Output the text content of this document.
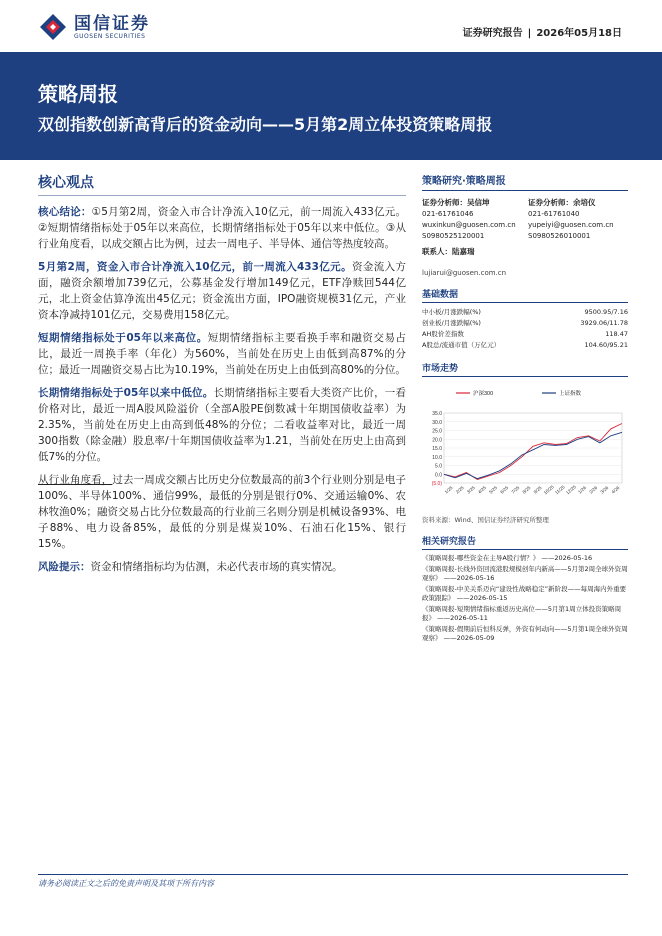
国信证券
GUOSEN SECURITIES	证券研究报告 | 2026年05月18日
策略周报
双创指数创新高背后的资金动向——5月第2周立体投资策略周报
核心观点

核心结论：①5月第2周，资金入市合计净流入10亿元，前一周流入433亿元。②短期情绪指标处于05年以来高位，长期情绪指标处于05年以来中低位。③从行业角度看，以成交额占比为例，过去一周电子、半导体、通信等热度较高。

5月第2周，资金入市合计净流入10亿元，前一周流入433亿元。资金流入方面，融资余额增加739亿元，公募基金发行增加149亿元，ETF净赎回544亿元，北上资金估算净流出45亿元；资金流出方面，IPO融资规模31亿元，产业资本净减持101亿元，交易费用158亿元。

短期情绪指标处于05年以来高位。短期情绪指标主要看换手率和融资交易占比，最近一周换手率（年化）为560%，当前处在历史上由低到高87%的分位；最近一周融资交易占比为10.19%，当前处在历史上由低到高80%的分位。

长期情绪指标处于05年以来中低位。长期情绪指标主要看大类资产比价，一看价格对比，最近一周A股风险溢价（全部A股PE倒数减十年期国债收益率）为2.35%，当前处在历史上由高到低48%的分位；二看收益率对比，最近一周300指数（除金融）股息率/十年期国债收益率为1.21，当前处在历史上由高到低7%的分位。

从行业角度看，过去一周成交额占比历史分位数最高的前3个行业则分别是电子100%、半导体100%、通信99%，最低的分别是银行0%、交通运输0%、农林牧渔0%；融资交易占比分位数最高的行业前三名则分别是机械设备93%、电子88%、电力设备85%，最低的分别是煤炭10%、石油石化15%、银行15%。

风险提示：资金和情绪指标均为估测，未必代表市场的真实情况。

策略研究·策略周报
证券分析师：吴信坤
021-61761046
wuxinkun@guosen.com.cn
S0980525120001
证券分析师：余培仪
021-61761040
yupeiyi@guosen.com.cn
S0980526010001
联系人：陆嘉瑞
lujiarui@guosen.com.cn
基础数据
中小板/月涨跌幅(%)	9500.95/7.16
创业板/月涨跌幅(%)	3929.06/11.78
AH股价差指数	118.47
A股总/流通市值（万亿元）	104.60/95.21
市场走势
35.0
30.0
25.0
20.0
15.0
10.0
5.0
0.0
(5.0)
1/25 2/25 3/25 4/25 5/25 6/25 7/25 8/25 9/25 10/25 11/25 12/25 1/26 2/26 3/26 4/26
沪深300	上证指数
资料来源：Wind、国信证券经济研究所整理
相关研究报告
《策略周报-哪些资金在主导A股行情？》 ——2026-05-16
《策略周报-长线外资回流港股规模创年内新高——5月第2周全球外资周观察》 ——2026-05-16
《策略周报-中美关系迈向“建设性战略稳定”新阶段——每周海内外重要政策跟踪》 ——2026-05-15
《策略周报-短期情绪指标重返历史高位——5月第1周立体投资策略周报》 ——2026-05-11
《策略周报-假期前后恒科反弹，外资有何动向——5月第1周全球外资周观察》 ——2026-05-09
请务必阅读正文之后的免责声明及其项下所有内容
